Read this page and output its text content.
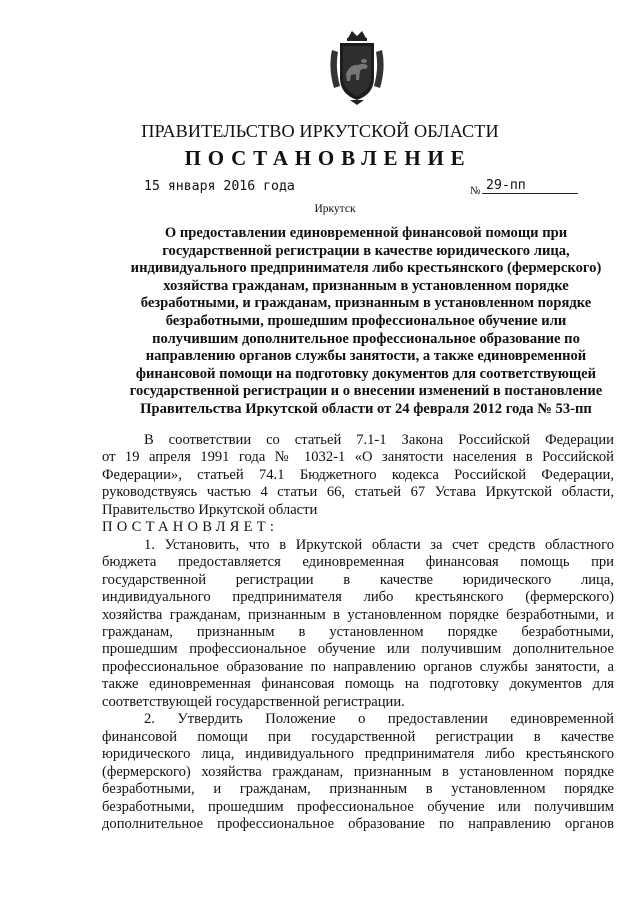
ПРАВИТЕЛЬСТВО ИРКУТСКОЙ ОБЛАСТИ
ПОСТАНОВЛЕНИЕ
15 января 2016 года	№ 29-пп
Иркутск
О предоставлении единовременной финансовой помощи при
государственной регистрации в качестве юридического лица,
индивидуального предпринимателя либо крестьянского (фермерского)
хозяйства гражданам, признанным в установленном порядке
безработными, и гражданам, признанным в установленном порядке
безработными, прошедшим профессиональное обучение или
получившим дополнительное профессиональное образование по
направлению органов службы занятости, а также единовременной
финансовой помощи на подготовку документов для соответствующей
государственной регистрации и о внесении изменений в постановление
Правительства Иркутской области от 24 февраля 2012 года № 53-пп
В соответствии со статьей 7.1-1 Закона Российской Федерации
от 19 апреля 1991 года № 1032-1 «О занятости населения в Российской
Федерации», статьей 74.1 Бюджетного кодекса Российской Федерации,
руководствуясь частью 4 статьи 66, статьей 67 Устава Иркутской области,
Правительство Иркутской области
ПОСТАНОВЛЯЕТ:
1. Установить, что в Иркутской области за счет средств областного
бюджета предоставляется единовременная финансовая помощь при
государственной регистрации в качестве юридического лица,
индивидуального предпринимателя либо крестьянского (фермерского)
хозяйства гражданам, признанным в установленном порядке безработными, и
гражданам, признанным в установленном порядке безработными,
прошедшим профессиональное обучение или получившим дополнительное
профессиональное образование по направлению органов службы занятости, а
также единовременная финансовая помощь на подготовку документов для
соответствующей государственной регистрации.
2. Утвердить Положение о предоставлении единовременной
финансовой помощи при государственной регистрации в качестве
юридического лица, индивидуального предпринимателя либо крестьянского
(фермерского) хозяйства гражданам, признанным в установленном порядке
безработными, и гражданам, признанным в установленном порядке
безработными, прошедшим профессиональное обучение или получившим
дополнительное профессиональное образование по направлению органов
